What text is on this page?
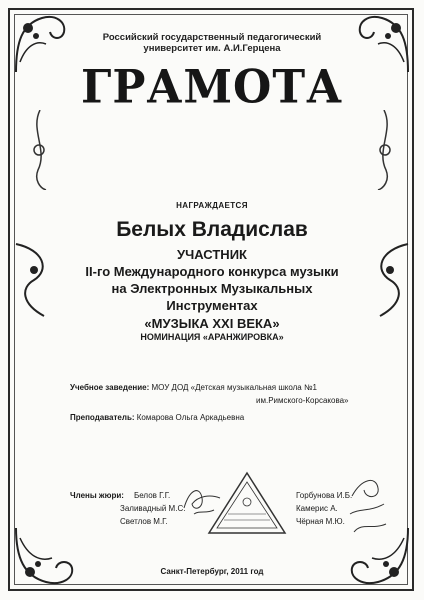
Российский государственный педагогический
университет им. А.И.Герцена
ГРАМОТА
НАГРАЖДАЕТСЯ
Белых Владислав
УЧАСТНИК
II-го Международного конкурса музыки
на Электронных Музыкальных
Инструментах
«МУЗЫКА XXI ВЕКА»
НОМИНАЦИЯ «АРАНЖИРОВКА»
Учебное заведение: МОУ ДОД «Детская музыкальная школа №1
им.Римского-Корсакова»
Преподаватель: Комарова Ольга Аркадьевна
Члены жюри: Белов Г.Г.
Заливадный М.С.
Светлов М.Г.
Горбунова И.Б.
Камерис А.
Чёрная М.Ю.
Санкт-Петербург, 2011 год
